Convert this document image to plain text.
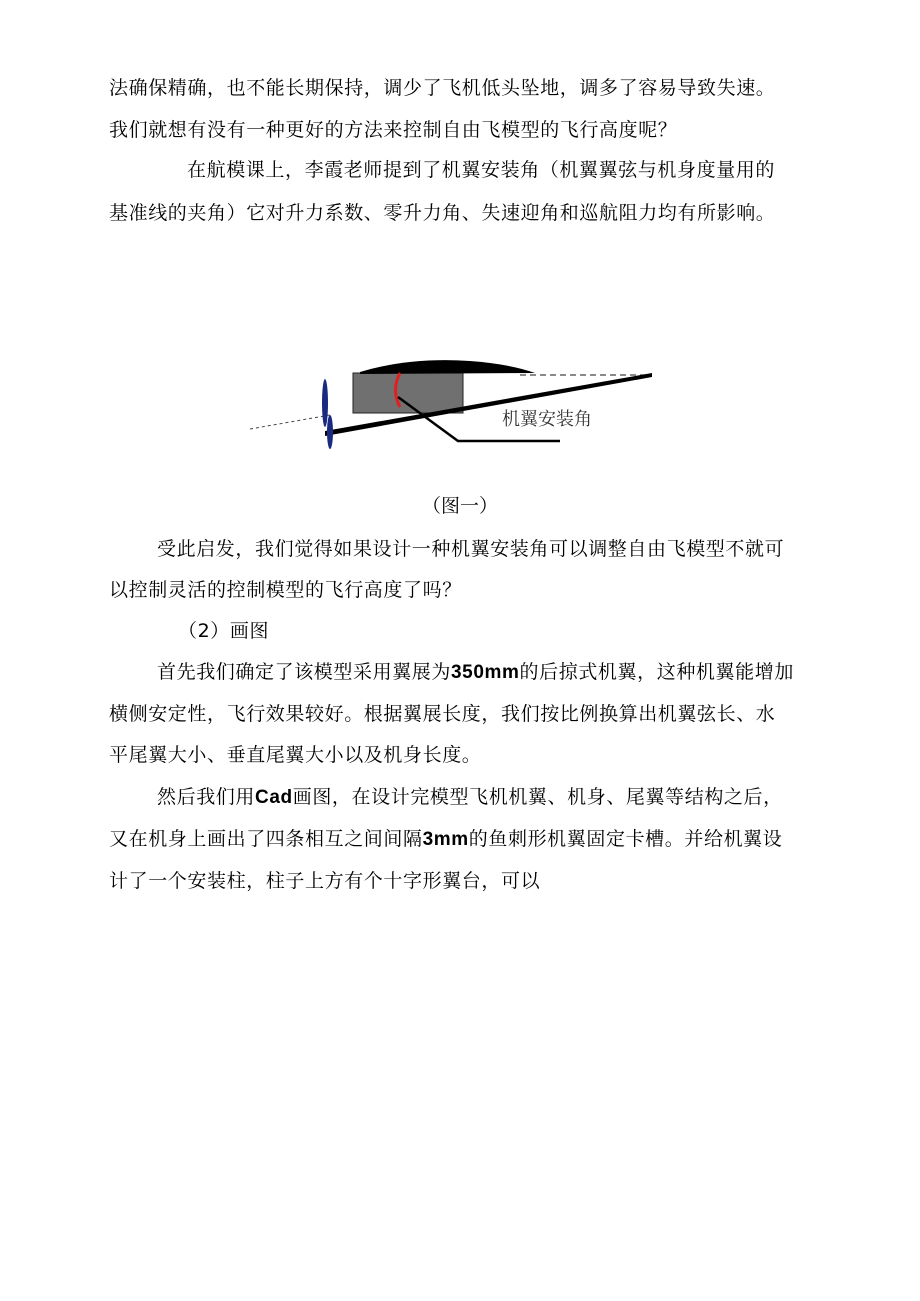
法确保精确，也不能长期保持，调少了飞机低头坠地，调多了容易导致失速。
我们就想有没有一种更好的方法来控制自由飞模型的飞行高度呢？
在航模课上，李霞老师提到了机翼安装角（机翼翼弦与机身度量用的
基准线的夹角）它对升力系数、零升力角、失速迎角和巡航阻力均有所影响。
机翼安装角
（图一）
受此启发，我们觉得如果设计一种机翼安装角可以调整自由飞模型不就可
以控制灵活的控制模型的飞行高度了吗？
（2）画图
首先我们确定了该模型采用翼展为350mm的后掠式机翼，这种机翼能增加
横侧安定性，飞行效果较好。根据翼展长度，我们按比例换算出机翼弦长、水
平尾翼大小、垂直尾翼大小以及机身长度。
然后我们用Cad画图，在设计完模型飞机机翼、机身、尾翼等结构之后，
又在机身上画出了四条相互之间间隔3mm的鱼刺形机翼固定卡槽。并给机翼设
计了一个安装柱，柱子上方有个十字形翼台，可以
